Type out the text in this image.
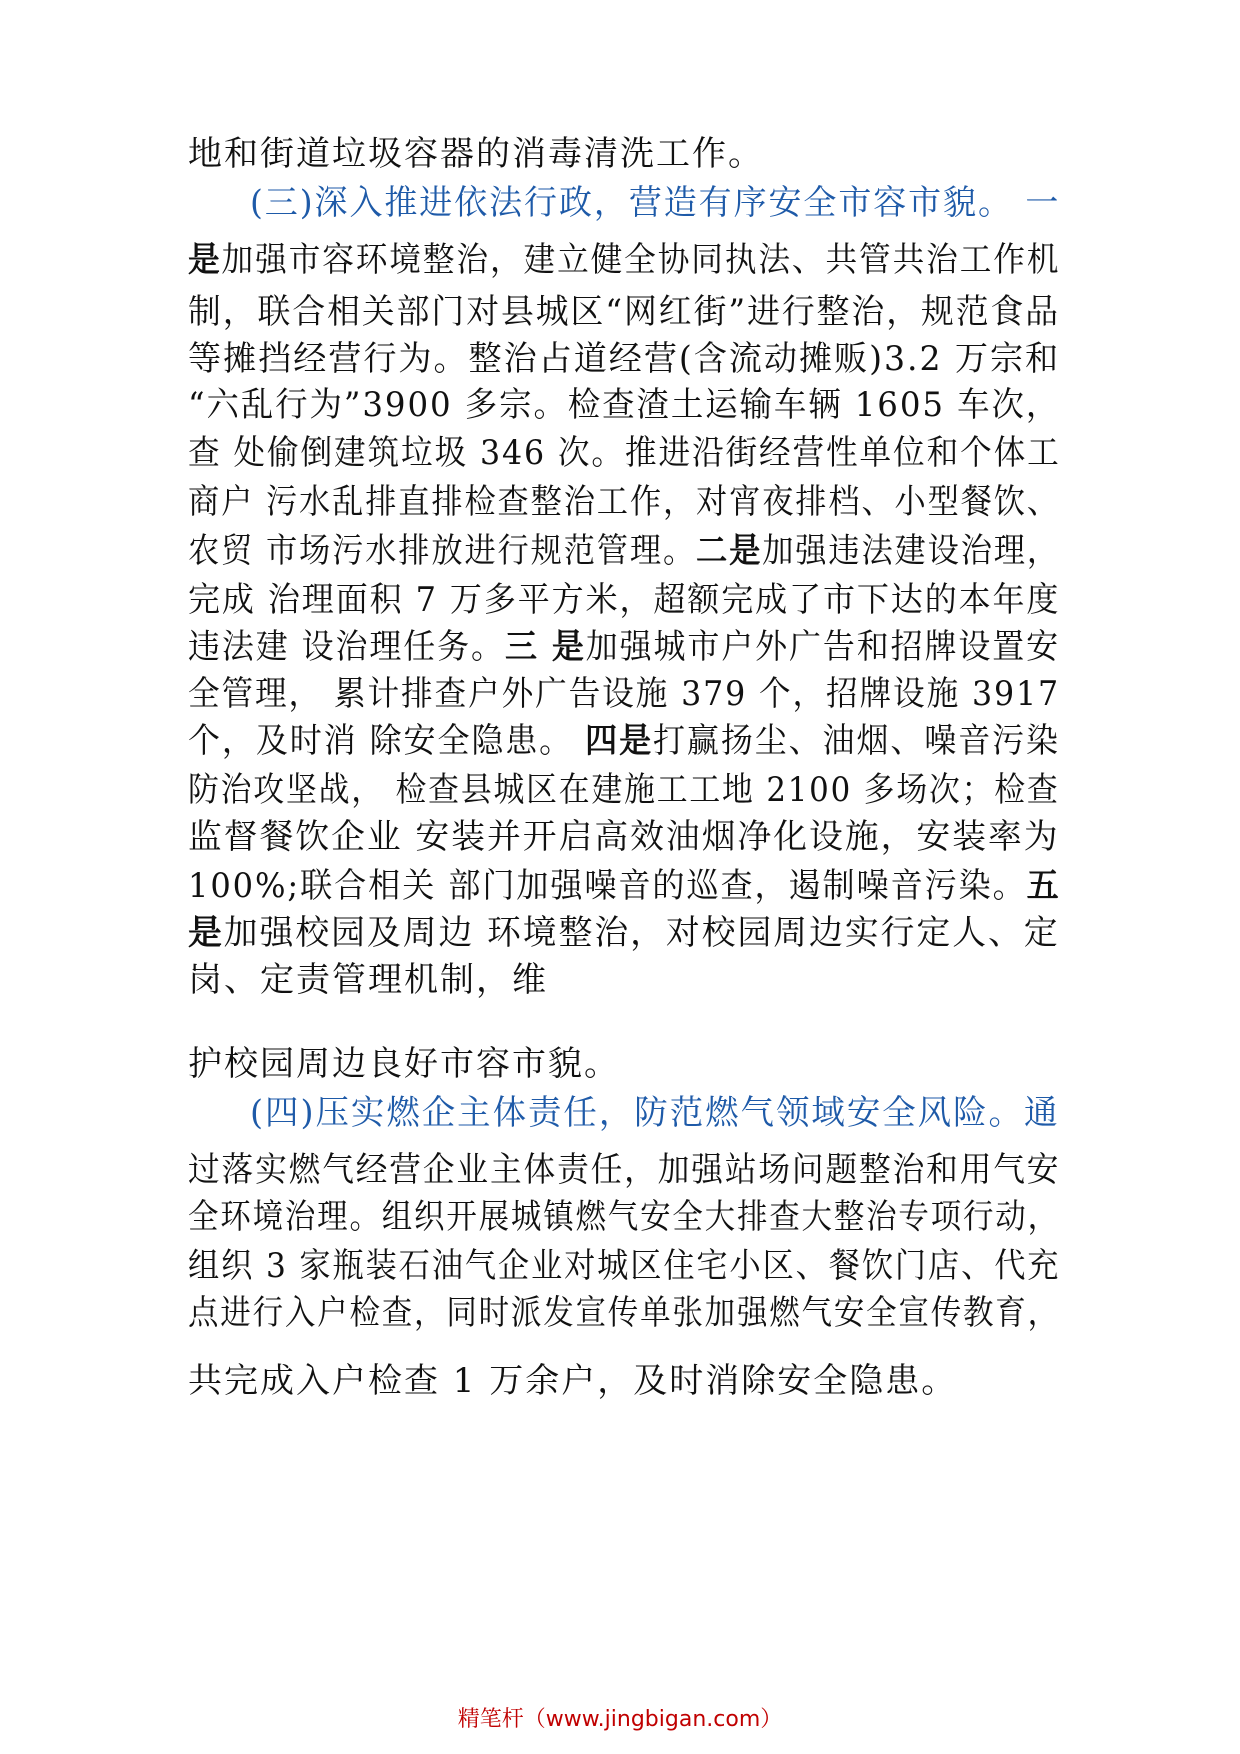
地和街道垃圾容器的消毒清洗工作。
(三)深入推进依法行政，营造有序安全市容市貌。 一
是加强市容环境整治，建立健全协同执法、共管共治工作机
制，联合相关部门对县城区“网红街”进行整治，规范食品
等摊挡经营行为。整治占道经营(含流动摊贩)3.2 万宗和
“六乱行为”3900 多宗。检查渣土运输车辆 1605 车次，
查 处偷倒建筑垃圾 346 次。推进沿街经营性单位和个体工
商户 污水乱排直排检查整治工作，对宵夜排档、小型餐饮、
农贸 市场污水排放进行规范管理。二是加强违法建设治理，
完成 治理面积 7 万多平方米，超额完成了市下达的本年度
违法建 设治理任务。三 是加强城市户外广告和招牌设置安
全管理， 累计排查户外广告设施 379 个，招牌设施 3917
个，及时消 除安全隐患。 四是打赢扬尘、油烟、噪音污染
防治攻坚战， 检查县城区在建施工工地 2100 多场次；检查
监督餐饮企业 安装并开启高效油烟净化设施，安装率为
100%;联合相关 部门加强噪音的巡查，遏制噪音污染。五
是加强校园及周边 环境整治，对校园周边实行定人、定
岗、定责管理机制，维
护校园周边良好市容市貌。
(四)压实燃企主体责任，防范燃气领域安全风险。通
过落实燃气经营企业主体责任，加强站场问题整治和用气安
全环境治理。组织开展城镇燃气安全大排查大整治专项行动，
组织 3 家瓶装石油气企业对城区住宅小区、餐饮门店、代充
点进行入户检查，同时派发宣传单张加强燃气安全宣传教育，
共完成入户检查 1 万余户，及时消除安全隐患。
精笔杆（www.jingbigan.com）
